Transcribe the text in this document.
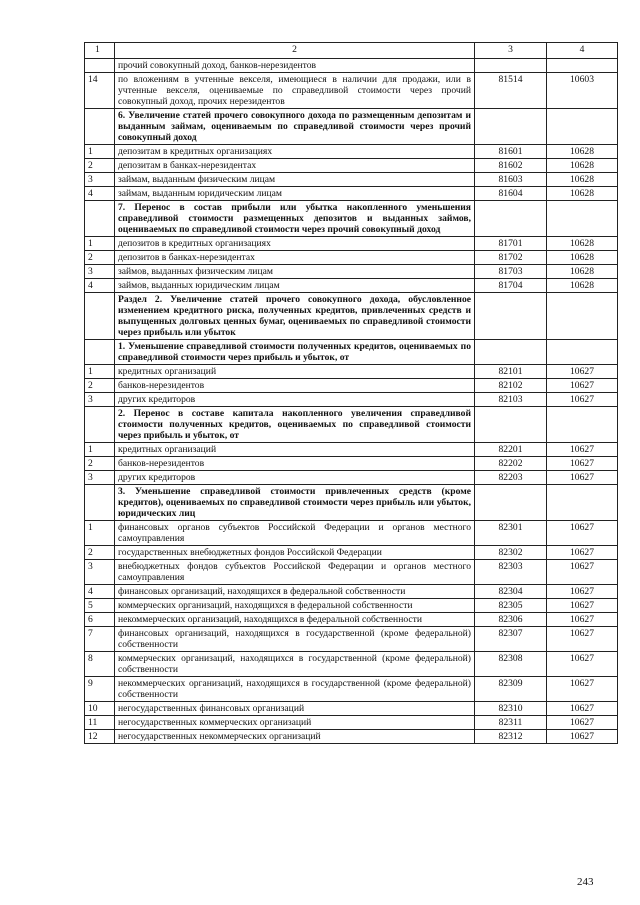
1	2	3	4
	прочий совокупный доход, банков-нерезидентов		
14	по вложениям в учтенные векселя, имеющиеся в наличии для продажи, или в учтенные векселя, оцениваемые по справедливой стоимости через прочий совокупный доход, прочих нерезидентов	81514	10603
	6. Увеличение статей прочего совокупного дохода по размещенным депозитам и выданным займам, оцениваемым по справедливой стоимости через прочий совокупный доход		
1	депозитам в кредитных организациях	81601	10628
2	депозитам в банках-нерезидентах	81602	10628
3	займам, выданным физическим лицам	81603	10628
4	займам, выданным юридическим лицам	81604	10628
	7. Перенос в состав прибыли или убытка накопленного уменьшения справедливой стоимости размещенных депозитов и выданных займов, оцениваемых по справедливой стоимости через прочий совокупный доход		
1	депозитов в кредитных организациях	81701	10628
2	депозитов в банках-нерезидентах	81702	10628
3	займов, выданных физическим лицам	81703	10628
4	займов, выданных юридическим лицам	81704	10628
	Раздел 2. Увеличение статей прочего совокупного дохода, обусловленное изменением кредитного риска, полученных кредитов, привлеченных средств и выпущенных долговых ценных бумаг, оцениваемых по справедливой стоимости через прибыль или убыток		
	1. Уменьшение справедливой стоимости полученных кредитов, оцениваемых по справедливой стоимости через прибыль и убыток, от		
1	кредитных организаций	82101	10627
2	банков-нерезидентов	82102	10627
3	других кредиторов	82103	10627
	2. Перенос в составе капитала накопленного увеличения справедливой стоимости полученных кредитов, оцениваемых по справедливой стоимости через прибыль и убыток, от		
1	кредитных организаций	82201	10627
2	банков-нерезидентов	82202	10627
3	других кредиторов	82203	10627
	3. Уменьшение справедливой стоимости привлеченных средств (кроме кредитов), оцениваемых по справедливой стоимости через прибыль или убыток, юридических лиц		
1	финансовых органов субъектов Российской Федерации и органов местного самоуправления	82301	10627
2	государственных внебюджетных фондов Российской Федерации	82302	10627
3	внебюджетных фондов субъектов Российской Федерации и органов местного самоуправления	82303	10627
4	финансовых организаций, находящихся в федеральной собственности	82304	10627
5	коммерческих организаций, находящихся в федеральной собственности	82305	10627
6	некоммерческих организаций, находящихся в федеральной собственности	82306	10627
7	финансовых организаций, находящихся в государственной (кроме федеральной) собственности	82307	10627
8	коммерческих организаций, находящихся в государственной (кроме федеральной) собственности	82308	10627
9	некоммерческих организаций, находящихся в государственной (кроме федеральной) собственности	82309	10627
10	негосударственных финансовых организаций	82310	10627
11	негосударственных коммерческих организаций	82311	10627
12	негосударственных некоммерческих организаций	82312	10627
243
